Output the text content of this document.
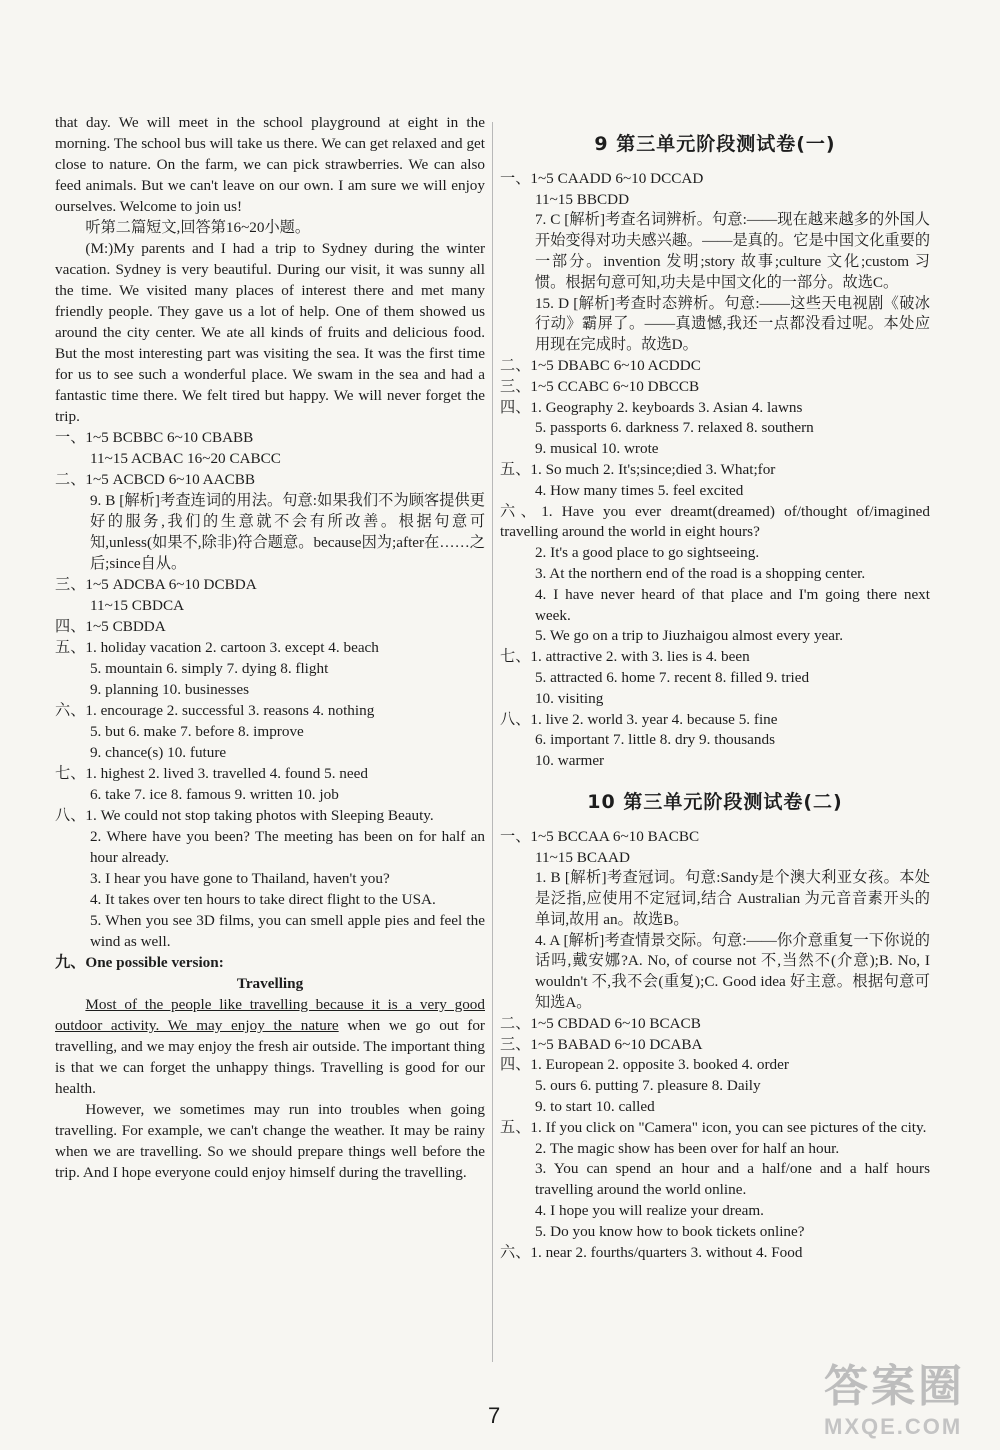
that day. We will meet in the school playground at eight in the morning. The school bus will take us there. We can get relaxed and get close to nature. On the farm, we can pick strawberries. We can also feed animals. But we can't leave on our own. I am sure we will enjoy ourselves. Welcome to join us!
听第二篇短文,回答第16~20小题。
(M:)My parents and I had a trip to Sydney during the winter vacation. Sydney is very beautiful. During our visit, it was sunny all the time. We visited many places of interest there and met many friendly people. They gave us a lot of help. One of them showed us around the city center. We ate all kinds of fruits and delicious food. But the most interesting part was visiting the sea. It was the first time for us to see such a wonderful place. We swam in the sea and had a fantastic time there. We felt tired but happy. We will never forget the trip.
一、1~5 BCBBC 6~10 CBABB
11~15 ACBAC 16~20 CABCC
二、1~5 ACBCD 6~10 AACBB
9. B [解析]考查连词的用法。句意:如果我们不为顾客提供更好的服务,我们的生意就不会有所改善。根据句意可知,unless(如果不,除非)符合题意。because因为;after在……之后;since自从。
三、1~5 ADCBA 6~10 DCBDA
11~15 CBDCA
四、1~5 CBDDA
五、1. holiday vacation 2. cartoon 3. except 4. beach
5. mountain 6. simply 7. dying 8. flight
9. planning 10. businesses
六、1. encourage 2. successful 3. reasons 4. nothing
5. but 6. make 7. before 8. improve
9. chance(s) 10. future
七、1. highest 2. lived 3. travelled 4. found 5. need
6. take 7. ice 8. famous 9. written 10. job
八、1. We could not stop taking photos with Sleeping Beauty.
2. Where have you been? The meeting has been on for half an hour already.
3. I hear you have gone to Thailand, haven't you?
4. It takes over ten hours to take direct flight to the USA.
5. When you see 3D films, you can smell apple pies and feel the wind as well.
九、One possible version:
Travelling
Most of the people like travelling because it is a very good outdoor activity. We may enjoy the nature when we go out for travelling, and we may enjoy the fresh air outside. The important thing is that we can forget the unhappy things. Travelling is good for our health.
However, we sometimes may run into troubles when going travelling. For example, we can't change the weather. It may be rainy when we are travelling. So we should prepare things well before the trip. And I hope everyone could enjoy himself during the travelling.
9 第三单元阶段测试卷(一)
一、1~5 CAADD 6~10 DCCAD
11~15 BBCDD
7. C [解析]考查名词辨析。句意:——现在越来越多的外国人开始变得对功夫感兴趣。——是真的。它是中国文化重要的一部分。invention 发明;story 故事;culture 文化;custom 习惯。根据句意可知,功夫是中国文化的一部分。故选C。
15. D [解析]考查时态辨析。句意:——这些天电视剧《破冰行动》霸屏了。——真遗憾,我还一点都没看过呢。本处应用现在完成时。故选D。
二、1~5 DBABC 6~10 ACDDC
三、1~5 CCABC 6~10 DBCCB
四、1. Geography 2. keyboards 3. Asian 4. lawns
5. passports 6. darkness 7. relaxed 8. southern
9. musical 10. wrote
五、1. So much 2. It's;since;died 3. What;for
4. How many times 5. feel excited
六、1. Have you ever dreamt(dreamed) of/thought of/imagined travelling around the world in eight hours?
2. It's a good place to go sightseeing.
3. At the northern end of the road is a shopping center.
4. I have never heard of that place and I'm going there next week.
5. We go on a trip to Jiuzhaigou almost every year.
七、1. attractive 2. with 3. lies is 4. been
5. attracted 6. home 7. recent 8. filled 9. tried
10. visiting
八、1. live 2. world 3. year 4. because 5. fine
6. important 7. little 8. dry 9. thousands
10. warmer
10 第三单元阶段测试卷(二)
一、1~5 BCCAA 6~10 BACBC
11~15 BCAAD
1. B [解析]考查冠词。句意:Sandy是个澳大利亚女孩。本处是泛指,应使用不定冠词,结合 Australian 为元音音素开头的单词,故用 an。故选B。
4. A [解析]考查情景交际。句意:——你介意重复一下你说的话吗,戴安娜?A. No, of course not 不,当然不(介意);B. No, I wouldn't 不,我不会(重复);C. Good idea 好主意。根据句意可知选A。
二、1~5 CBDAD 6~10 BCACB
三、1~5 BABAD 6~10 DCABA
四、1. European 2. opposite 3. booked 4. order
5. ours 6. putting 7. pleasure 8. Daily
9. to start 10. called
五、1. If you click on "Camera" icon, you can see pictures of the city.
2. The magic show has been over for half an hour.
3. You can spend an hour and a half/one and a half hours travelling around the world online.
4. I hope you will realize your dream.
5. Do you know how to book tickets online?
六、1. near 2. fourths/quarters 3. without 4. Food
7
答案圈
MXQE.COM
